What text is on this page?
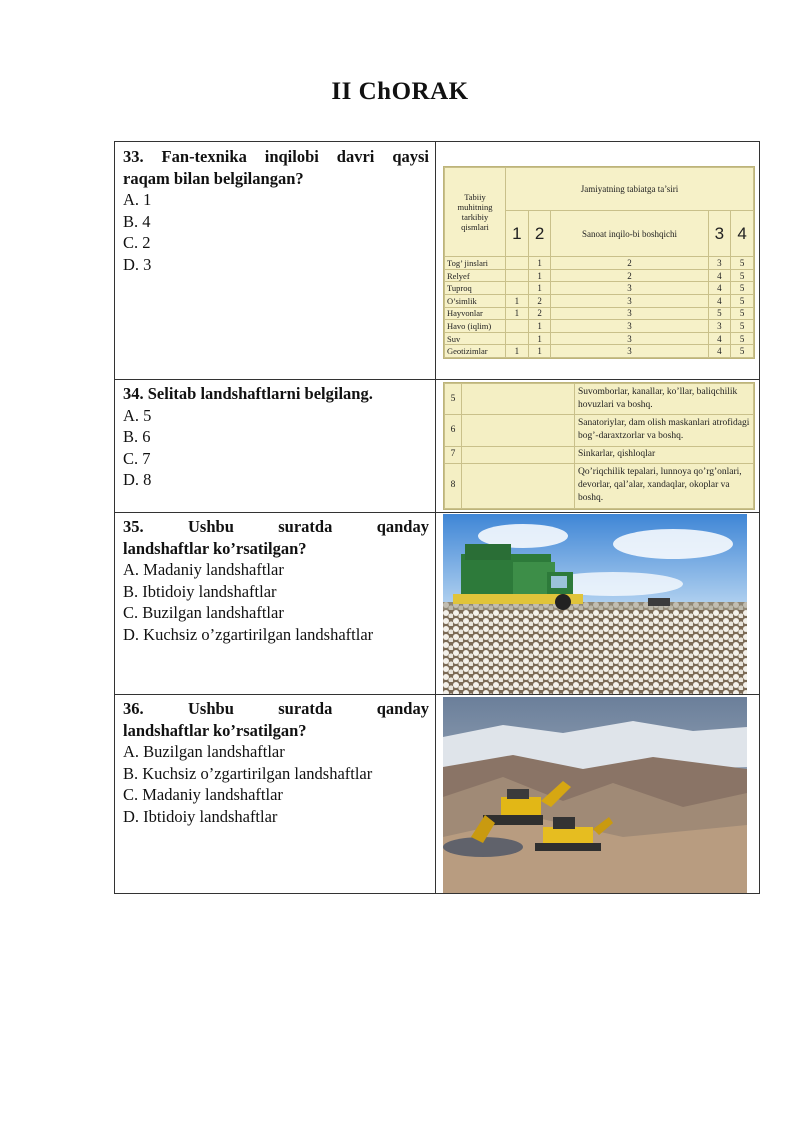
II ChORAK
33. Fan-texnika inqilobi davri qaysi
raqam bilan belgilangan?
A. 1
B. 4
C. 2
D. 3
Tabiiy muhitning tarkibiy qismlari	Jamiyatning tabiatga ta’siri				
	1	2	Sanoat inqilo-bi boshqichi	3	4
Tog’ jinslari		1	2	3	5
Relyef		1	2	4	5
Tuproq		1	3	4	5
O’simlik	1	2	3	4	5
Hayvonlar	1	2	3	5	5
Havo (iqlim)		1	3	3	5
Suv		1	3	4	5
Geotizimlar	1	1	3	4	5
34. Selitab landshaftlarni belgilang.
A. 5
B. 6
C. 7
D. 8
5		Suvomborlar, kanallar, ko’llar, baliqchilik hovuzlari va boshq.
6		Sanatoriylar, dam olish maskanlari atrofidagi bog’-daraxtzorlar va boshq.
7		Sinkarlar, qishloqlar
8		Qo’riqchilik tepalari, lunnoya qo’rg’onlari, devorlar, qal’alar, xandaqlar, okoplar va boshq.
35. Ushbu suratda qanday
landshaftlar ko’rsatilgan?
A. Madaniy landshaftlar
B. Ibtidoiy landshaftlar
C. Buzilgan landshaftlar
D. Kuchsiz o’zgartirilgan landshaftlar
36. Ushbu suratda qanday
landshaftlar ko’rsatilgan?
A. Buzilgan landshaftlar
B. Kuchsiz o’zgartirilgan landshaftlar
C. Madaniy landshaftlar
D. Ibtidoiy landshaftlar
